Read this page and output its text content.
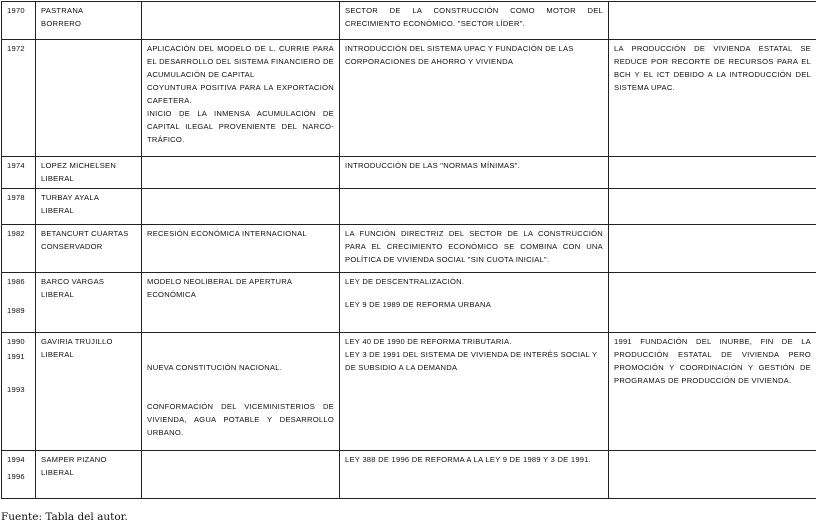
1970	PASTRANA
BORRERO		SECTOR DE LA CONSTRUCCIÓN COMO MOTOR DEL CRECIMIENTO ECONÓMICO. "SECTOR LÍDER".	

1972		APLICACIÓN DEL MODELO DE L. CURRIE PARA EL DESARROLLO DEL SISTEMA FINANCIERO DE ACUMULACIÓN DE CAPITAL
COYUNTURA POSITIVA PARA LA EXPORTACIÓN CAFETERA.
INICIO DE LA INMENSA ACUMULACIÓN DE CAPITAL ILEGAL PROVENIENTE DEL NARCO-TRÁFICO.	INTRODUCCIÓN DEL SISTEMA UPAC Y FUNDACIÓN DE LAS CORPORACIONES DE AHORRO Y VIVIENDA	LA PRODUCCIÓN DE VIVIENDA ESTATAL SE REDUCE POR RECORTE DE RECURSOS PARA EL BCH Y EL ICT DEBIDO A LA INTRODUCCIÓN DEL SISTEMA UPAC.

1974	LOPEZ MICHELSEN
LIBERAL		INTRODUCCIÓN DE LAS "NORMAS MÍNIMAS".	

1978	TURBAY AYALA
LIBERAL			

1982	BETANCURT CUARTAS
CONSERVADOR	RECESIÓN ECONÓMICA INTERNACIONAL	LA FUNCIÓN DIRECTRIZ DEL SECTOR DE LA CONSTRUCCIÓN PARA EL CRECIMIENTO ECONÓMICO SE COMBINA CON UNA POLÍTICA DE VIVIENDA SOCIAL "SIN CUOTA INICIAL".	

1986
1989	BARCO VARGAS
LIBERAL	MODELO NEOLIBERAL DE APERTURA ECONÓMICA	LEY DE DESCENTRALIZACIÓN.
LEY 9 DE 1989 DE REFORMA URBANA	

1990
1991
1993	GAVIRIA TRUJILLO
LIBERAL	NUEVA CONSTITUCIÓN NACIONAL.
CONFORMACIÓN DEL VICEMINISTERIOS DE VIVIENDA, AGUA POTABLE Y DESARROLLO URBANO.	LEY 40 DE 1990 DE REFORMA TRIBUTARIA.
LEY 3 DE 1991 DEL SISTEMA DE VIVIENDA DE INTERÉS SOCIAL Y DE SUBSIDIO A LA DEMANDA	1991 FUNDACIÓN DEL INURBE, FIN DE LA PRODUCCIÓN ESTATAL DE VIVIENDA PERO PROMOCIÓN Y COORDINACIÓN Y GESTIÓN DE PROGRAMAS DE PRODUCCIÓN DE VIVIENDA.

1994
1996	SAMPER PIZANO
LIBERAL		LEY 388 DE 1996 DE REFORMA A LA LEY 9 DE 1989 Y 3 DE 1991.	

Fuente: Tabla del autor.
